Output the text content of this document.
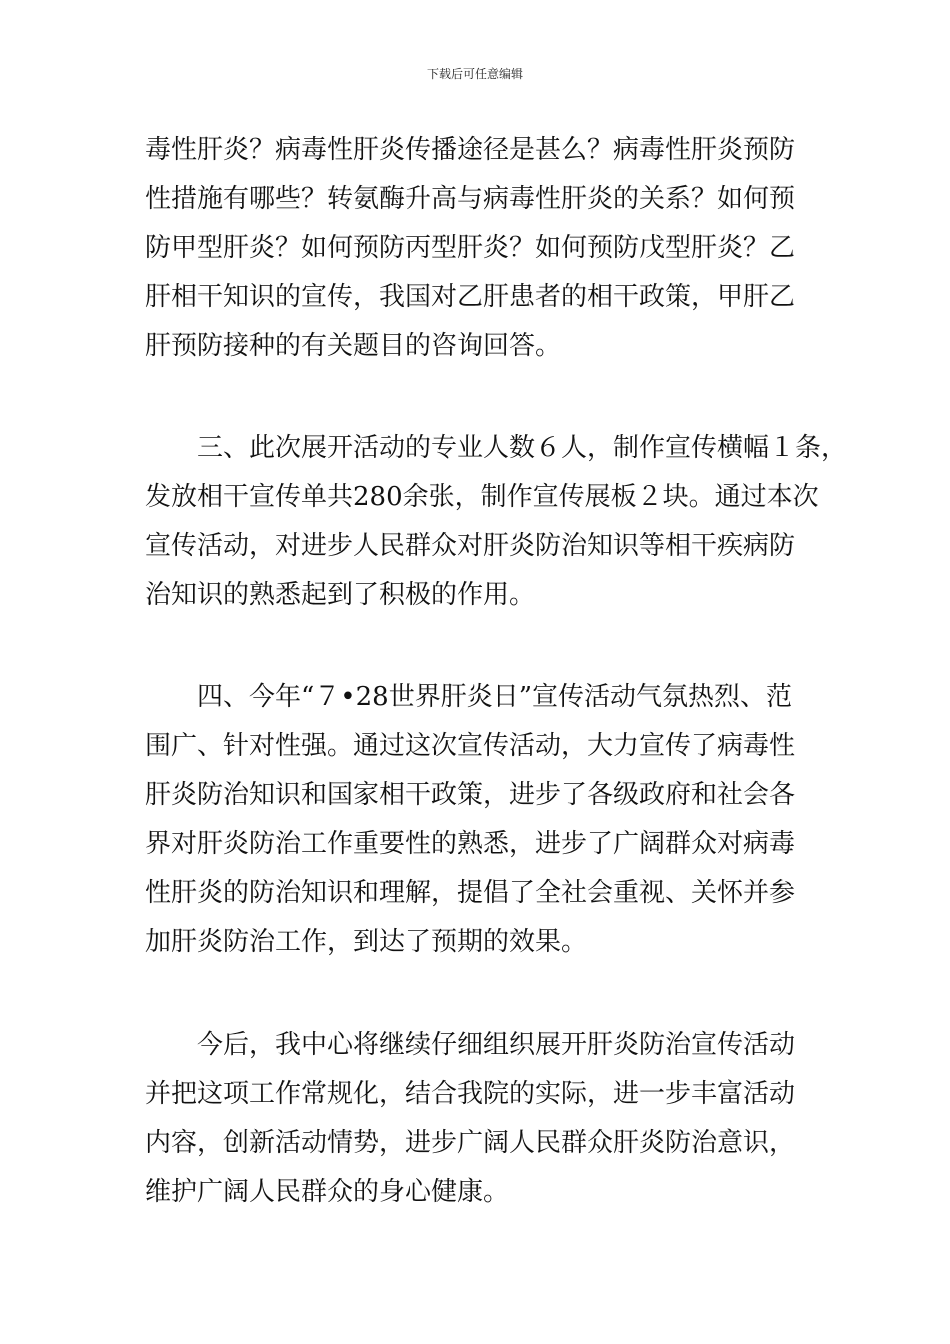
下载后可任意编辑
毒性肝炎？病毒性肝炎传播途径是甚么？病毒性肝炎预防
性措施有哪些？转氨酶升高与病毒性肝炎的关系？如何预
防甲型肝炎？如何预防丙型肝炎？如何预防戊型肝炎？乙
肝相干知识的宣传，我国对乙肝患者的相干政策，甲肝乙
肝预防接种的有关题目的咨询回答。
三、此次展开活动的专业人数６人，制作宣传横幅１条，
发放相干宣传单共280余张，制作宣传展板２块。通过本次
宣传活动，对进步人民群众对肝炎防治知识等相干疾病防
治知识的熟悉起到了积极的作用。
四、今年“７•28世界肝炎日”宣传活动气氛热烈、范
围广、针对性强。通过这次宣传活动，大力宣传了病毒性
肝炎防治知识和国家相干政策，进步了各级政府和社会各
界对肝炎防治工作重要性的熟悉，进步了广阔群众对病毒
性肝炎的防治知识和理解，提倡了全社会重视、关怀并参
加肝炎防治工作，到达了预期的效果。
今后，我中心将继续仔细组织展开肝炎防治宣传活动
并把这项工作常规化，结合我院的实际，进一步丰富活动
内容，创新活动情势，进步广阔人民群众肝炎防治意识，
维护广阔人民群众的身心健康。
